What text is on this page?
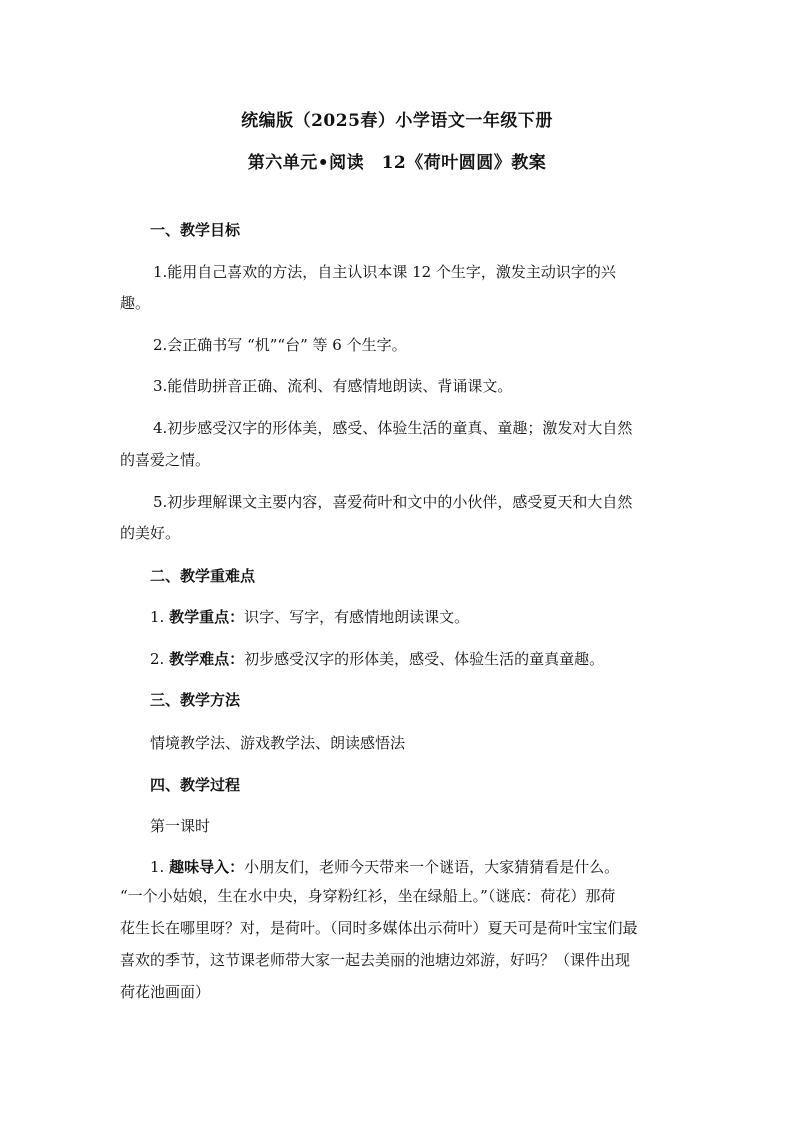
统编版（2025春）小学语文一年级下册
第六单元•阅读　12《荷叶圆圆》教案
一、教学目标
1.能用自己喜欢的方法，自主认识本课 12 个生字，激发主动识字的兴
趣。
2.会正确书写 “机”“台” 等 6 个生字。
3.能借助拼音正确、流利、有感情地朗读、背诵课文。
4.初步感受汉字的形体美，感受、体验生活的童真、童趣；激发对大自然
的喜爱之情。
5.初步理解课文主要内容，喜爱荷叶和文中的小伙伴，感受夏天和大自然
的美好。
二、教学重难点
1. 教学重点：识字、写字，有感情地朗读课文。
2. 教学难点：初步感受汉字的形体美，感受、体验生活的童真童趣。
三、教学方法
情境教学法、游戏教学法、朗读感悟法
四、教学过程
第一课时
1. 趣味导入：小朋友们，老师今天带来一个谜语，大家猜猜看是什么。
“一个小姑娘，生在水中央，身穿粉红衫，坐在绿船上。”（谜底：荷花）那荷
花生长在哪里呀？对，是荷叶。（同时多媒体出示荷叶）夏天可是荷叶宝宝们最
喜欢的季节，这节课老师带大家一起去美丽的池塘边郊游，好吗？（课件出现
荷花池画面）
